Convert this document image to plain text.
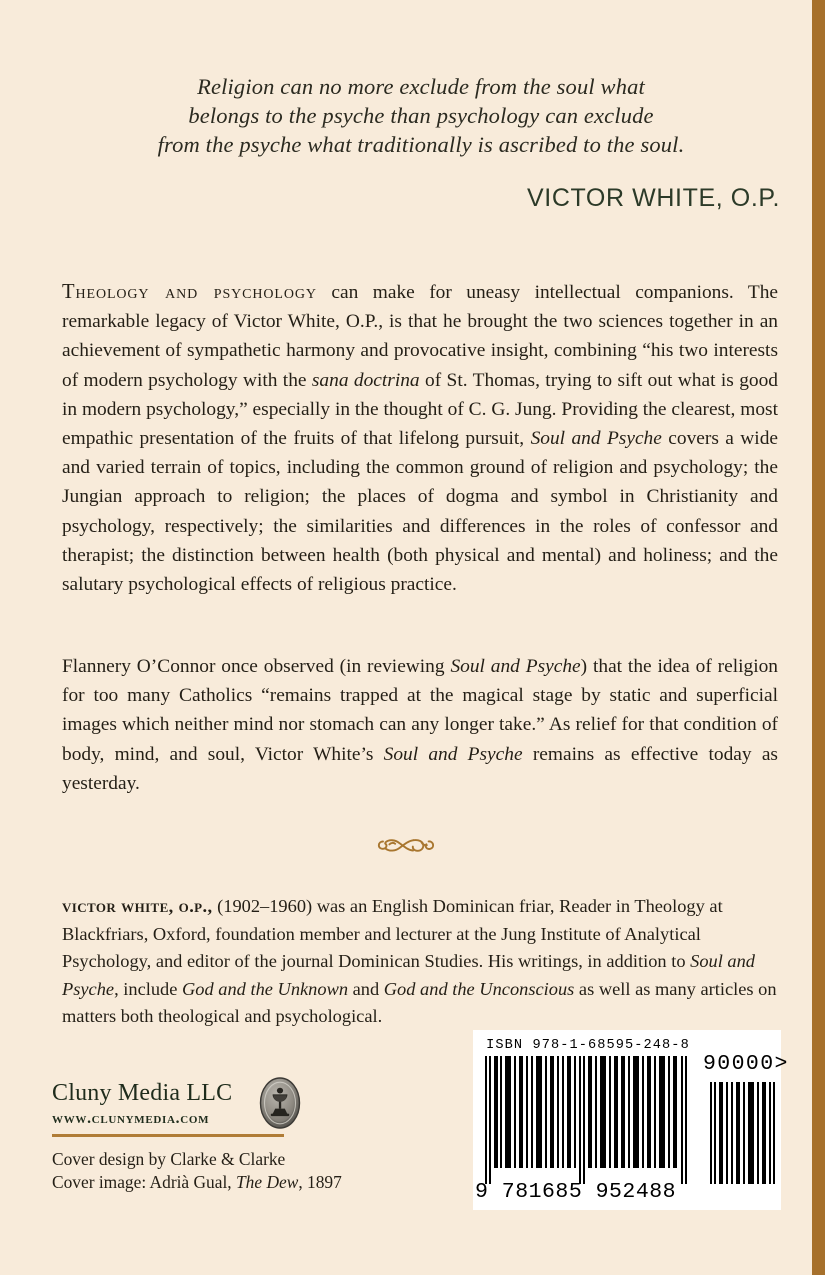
Religion can no more exclude from the soul what
belongs to the psyche than psychology can exclude
from the psyche what traditionally is ascribed to the soul.
VICTOR WHITE, O.P.
Theology and psychology can make for uneasy intellectual companions. The remarkable legacy of Victor White, O.P., is that he brought the two sciences together in an achievement of sympathetic harmony and provocative insight, combining “his two interests of modern psychology with the sana doctrina of St. Thomas, trying to sift out what is good in modern psychology,” especially in the thought of C. G. Jung. Providing the clearest, most empathic presentation of the fruits of that lifelong pursuit, Soul and Psyche covers a wide and varied terrain of topics, including the common ground of religion and psychology; the Jungian approach to religion; the places of dogma and symbol in Christianity and psychology, respectively; the similarities and differences in the roles of confessor and therapist; the distinction between health (both physical and mental) and holiness; and the salutary psychological effects of religious practice.
Flannery O’Connor once observed (in reviewing Soul and Psyche) that the idea of religion for too many Catholics “remains trapped at the magical stage by static and superficial images which neither mind nor stomach can any longer take.” As relief for that condition of body, mind, and soul, Victor White’s Soul and Psyche remains as effective today as yesterday.
victor white, o.p., (1902–1960) was an English Dominican friar, Reader in Theology at Blackfriars, Oxford, foundation member and lecturer at the Jung Institute of Analytical Psychology, and editor of the journal Dominican Studies. His writings, in addition to Soul and Psyche, include God and the Unknown and God and the Unconscious as well as many articles on matters both theological and psychological.
Cluny Media LLC
www.clunymedia.com
Cover design by Clarke & Clarke
Cover image: Adrià Gual, The Dew, 1897
ISBN 978-1-68595-248-8
9 781685 952488
90000>
